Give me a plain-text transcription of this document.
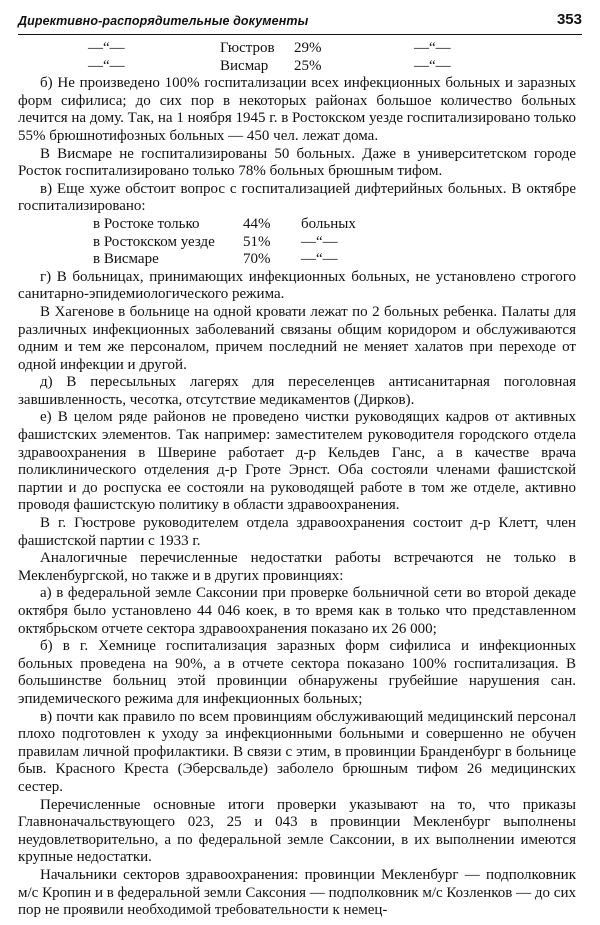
Директивно-распорядительные документы	353
—“—	Гюстров	29%	—“—
—“—	Висмар	25%	—“—

б) Не произведено 100% госпитализации всех инфекционных больных и заразных форм сифилиса; до сих пор в некоторых районах большое количество больных лечится на дому. Так, на 1 ноября 1945 г. в Ростокском уезде госпитализировано только 55% брюшнотифозных больных — 450 чел. лежат дома.

В Висмаре не госпитализированы 50 больных. Даже в университетском городе Росток госпитализировано только 78% больных брюшным тифом.

в) Еще хуже обстоит вопрос с госпитализацией дифтерийных больных. В октябре госпитализировано:

в Ростоке только	44%	больных
в Ростокском уезде	51%	—“—
в Висмаре	70%	—“—

г) В больницах, принимающих инфекционных больных, не установлено строгого санитарно-эпидемиологического режима.

В Хагенове в больнице на одной кровати лежат по 2 больных ребенка. Палаты для различных инфекционных заболеваний связаны общим коридором и обслуживаются одним и тем же персоналом, причем последний не меняет халатов при переходе от одной инфекции и другой.

д) В пересыльных лагерях для переселенцев антисанитарная поголовная завшивленность, чесотка, отсутствие медикаментов (Дирков).

е) В целом ряде районов не проведено чистки руководящих кадров от активных фашистских элементов. Так например: заместителем руководителя городского отдела здравоохранения в Шверине работает д-р Кельдев Ганс, а в качестве врача поликлинического отделения д-р Гроте Эрнст. Оба состояли членами фашистской партии и до роспуска ее состояли на руководящей работе в том же отделе, активно проводя фашистскую политику в области здравоохранения.

В г. Гюстрове руководителем отдела здравоохранения состоит д-р Клетт, член фашистской партии с 1933 г.

Аналогичные перечисленные недостатки работы встречаются не только в Мекленбургской, но также и в других провинциях:

а) в федеральной земле Саксонии при проверке больничной сети во второй декаде октября было установлено 44 046 коек, в то время как в только что представленном октябрьском отчете сектора здравоохранения показано их 26 000;

б) в г. Хемнице госпитализация заразных форм сифилиса и инфекционных больных проведена на 90%, а в отчете сектора показано 100% госпитализация. В большинстве больниц этой провинции обнаружены грубейшие нарушения сан. эпидемического режима для инфекционных больных;

в) почти как правило по всем провинциям обслуживающий медицинский персонал плохо подготовлен к уходу за инфекционными больными и совершенно не обучен правилам личной профилактики. В связи с этим, в провинции Бранденбург в больнице быв. Красного Креста (Эберсвальде) заболело брюшным тифом 26 медицинских сестер.

Перечисленные основные итоги проверки указывают на то, что приказы Главноначальствующего 023, 25 и 043 в провинции Мекленбург выполнены неудовлетворительно, а по федеральной земле Саксонии, в их выполнении имеются крупные недостатки.

Начальники секторов здравоохранения: провинции Мекленбург — подполковник м/с Кропин и в федеральной земли Саксония — подполковник м/с Козленков — до сих пор не проявили необходимой требовательности к немец-
